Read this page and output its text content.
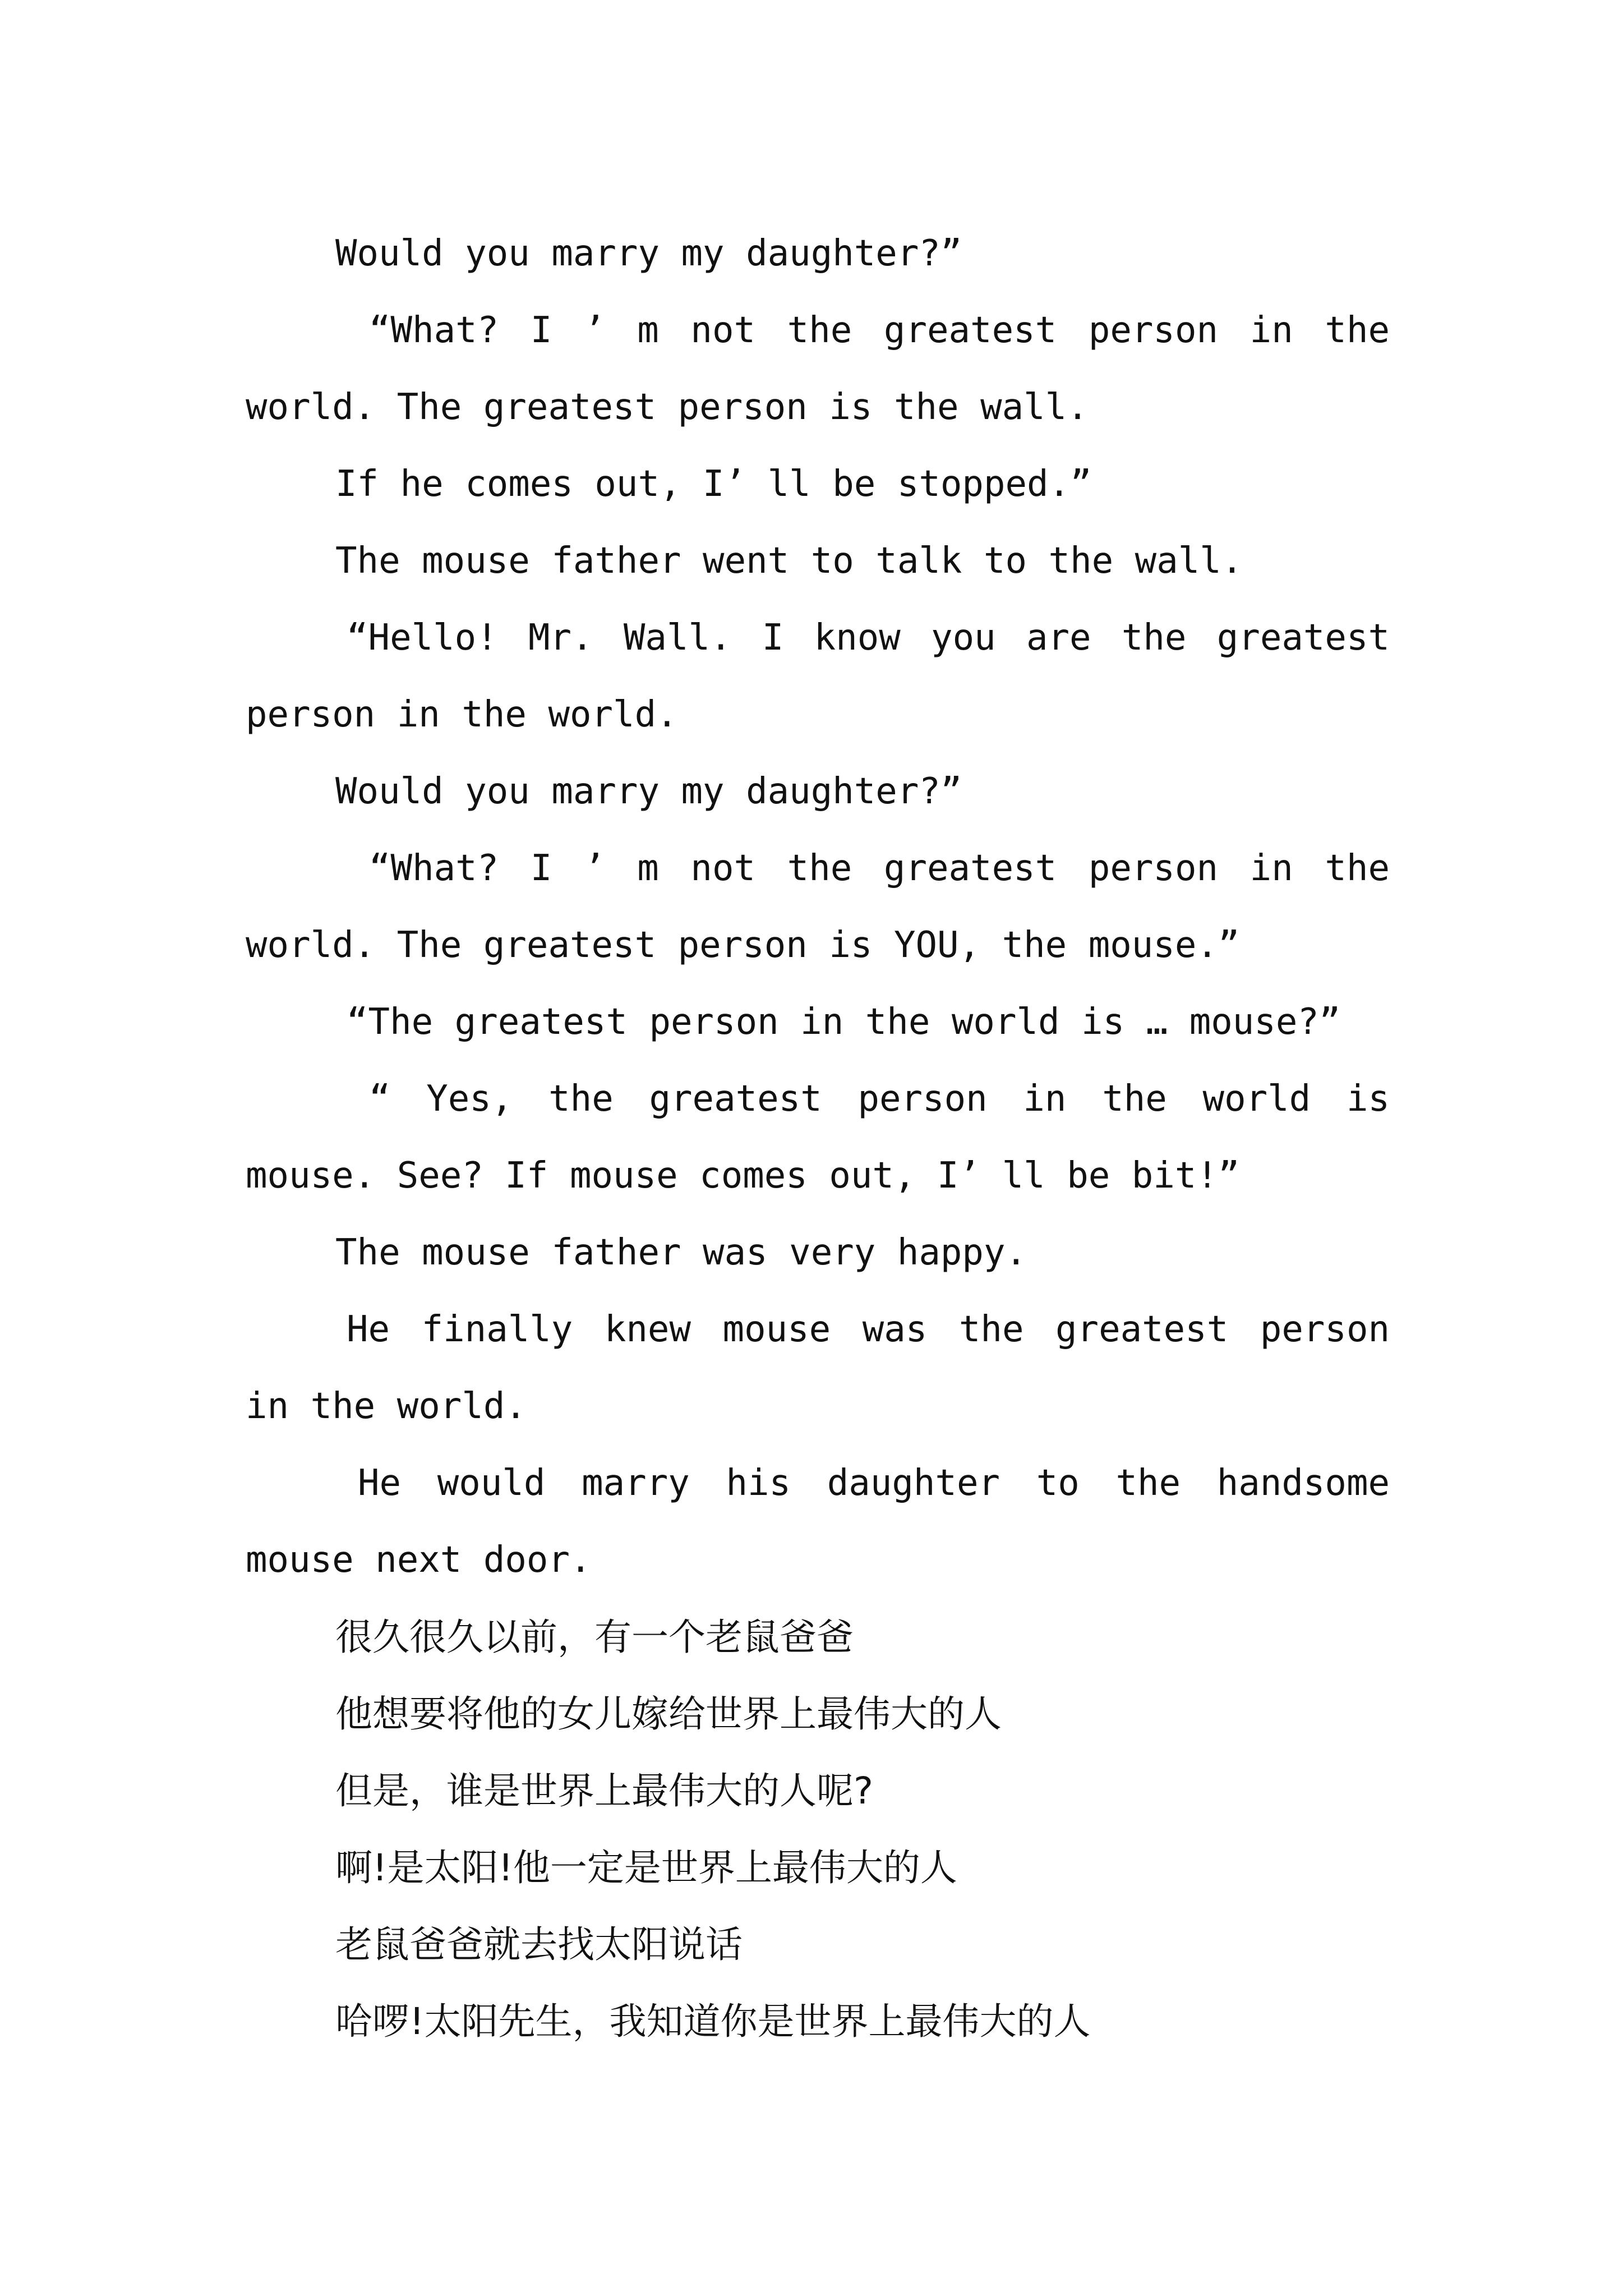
Would you marry my daughter?”
“What? I ’ m not the greatest person in the
world. The greatest person is the wall.
If he comes out, I’ ll be stopped.”
The mouse father went to talk to the wall.
“Hello! Mr. Wall. I know you are the greatest
person in the world.
Would you marry my daughter?”
“What? I ’ m not the greatest person in the
world. The greatest person is YOU, the mouse.”
“The greatest person in the world is … mouse?”
“ Yes, the greatest person in the world is
mouse. See? If mouse comes out, I’ ll be bit!”
The mouse father was very happy.
He finally knew mouse was the greatest person
in the world.
He would marry his daughter to the handsome
mouse next door.
很久很久以前，有一个老鼠爸爸
他想要将他的女儿嫁给世界上最伟大的人
但是，谁是世界上最伟大的人呢?
啊!是太阳!他一定是世界上最伟大的人
老鼠爸爸就去找太阳说话
哈啰!太阳先生，我知道你是世界上最伟大的人
